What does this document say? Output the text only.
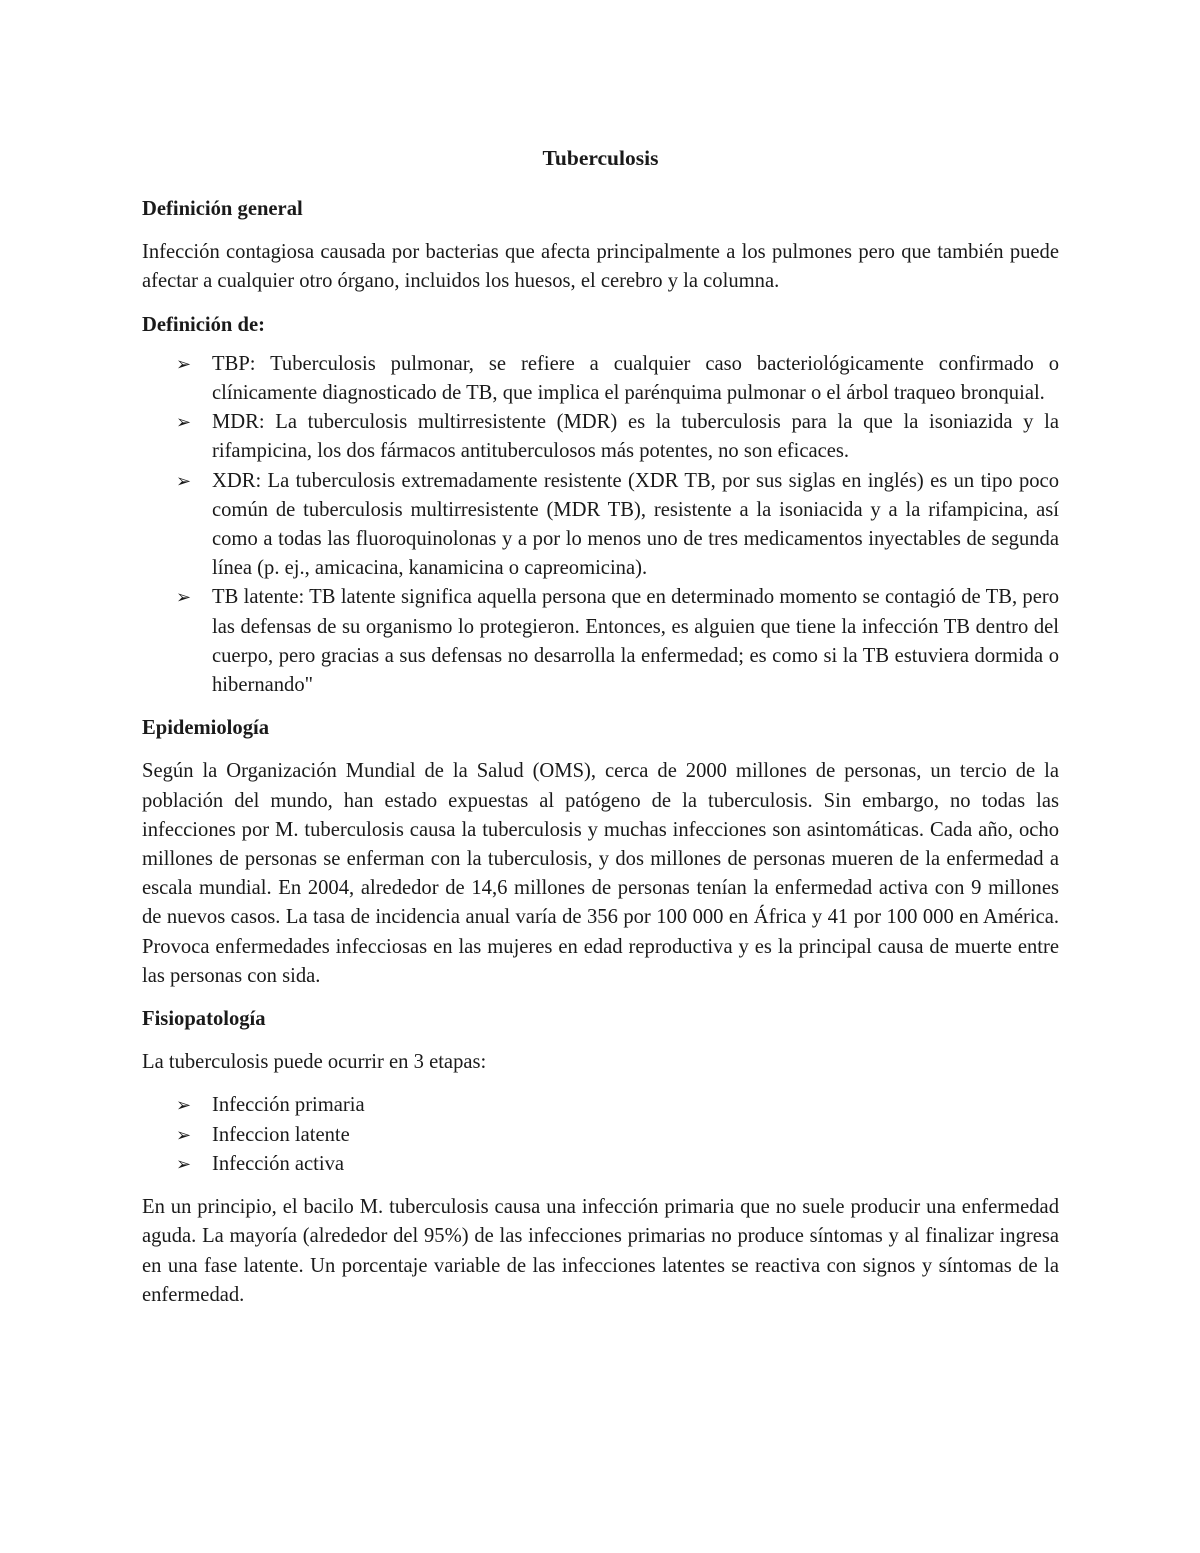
Tuberculosis
Definición general

Infección contagiosa causada por bacterias que afecta principalmente a los pulmones pero que también puede afectar a cualquier otro órgano, incluidos los huesos, el cerebro y la columna.

Definición de:
➢ TBP: Tuberculosis pulmonar, se refiere a cualquier caso bacteriológicamente confirmado o clínicamente diagnosticado de TB, que implica el parénquima pulmonar o el árbol traqueo bronquial.
➢ MDR: La tuberculosis multirresistente (MDR) es la tuberculosis para la que la isoniazida y la rifampicina, los dos fármacos antituberculosos más potentes, no son eficaces.
➢ XDR: La tuberculosis extremadamente resistente (XDR TB, por sus siglas en inglés) es un tipo poco común de tuberculosis multirresistente (MDR TB), resistente a la isoniacida y a la rifampicina, así como a todas las fluoroquinolonas y a por lo menos uno de tres medicamentos inyectables de segunda línea (p. ej., amicacina, kanamicina o capreomicina).
➢ TB latente: TB latente significa aquella persona que en determinado momento se contagió de TB, pero las defensas de su organismo lo protegieron. Entonces, es alguien que tiene la infección TB dentro del cuerpo, pero gracias a sus defensas no desarrolla la enfermedad; es como si la TB estuviera dormida o hibernando"
Epidemiología

Según la Organización Mundial de la Salud (OMS), cerca de 2000 millones de personas, un tercio de la población del mundo, han estado expuestas al patógeno de la tuberculosis. Sin embargo, no todas las infecciones por M. tuberculosis causa la tuberculosis y muchas infecciones son asintomáticas. Cada año, ocho millones de personas se enferman con la tuberculosis, y dos millones de personas mueren de la enfermedad a escala mundial. En 2004, alrededor de 14,6 millones de personas tenían la enfermedad activa con 9 millones de nuevos casos. La tasa de incidencia anual varía de 356 por 100 000 en África y 41 por 100 000 en América. Provoca enfermedades infecciosas en las mujeres en edad reproductiva y es la principal causa de muerte entre las personas con sida.

Fisiopatología

La tuberculosis puede ocurrir en 3 etapas:

➢ Infección primaria
➢ Infeccion latente
➢ Infección activa

En un principio, el bacilo M. tuberculosis causa una infección primaria que no suele producir una enfermedad aguda. La mayoría (alrededor del 95%) de las infecciones primarias no produce síntomas y al finalizar ingresa en una fase latente. Un porcentaje variable de las infecciones latentes se reactiva con signos y síntomas de la enfermedad.
